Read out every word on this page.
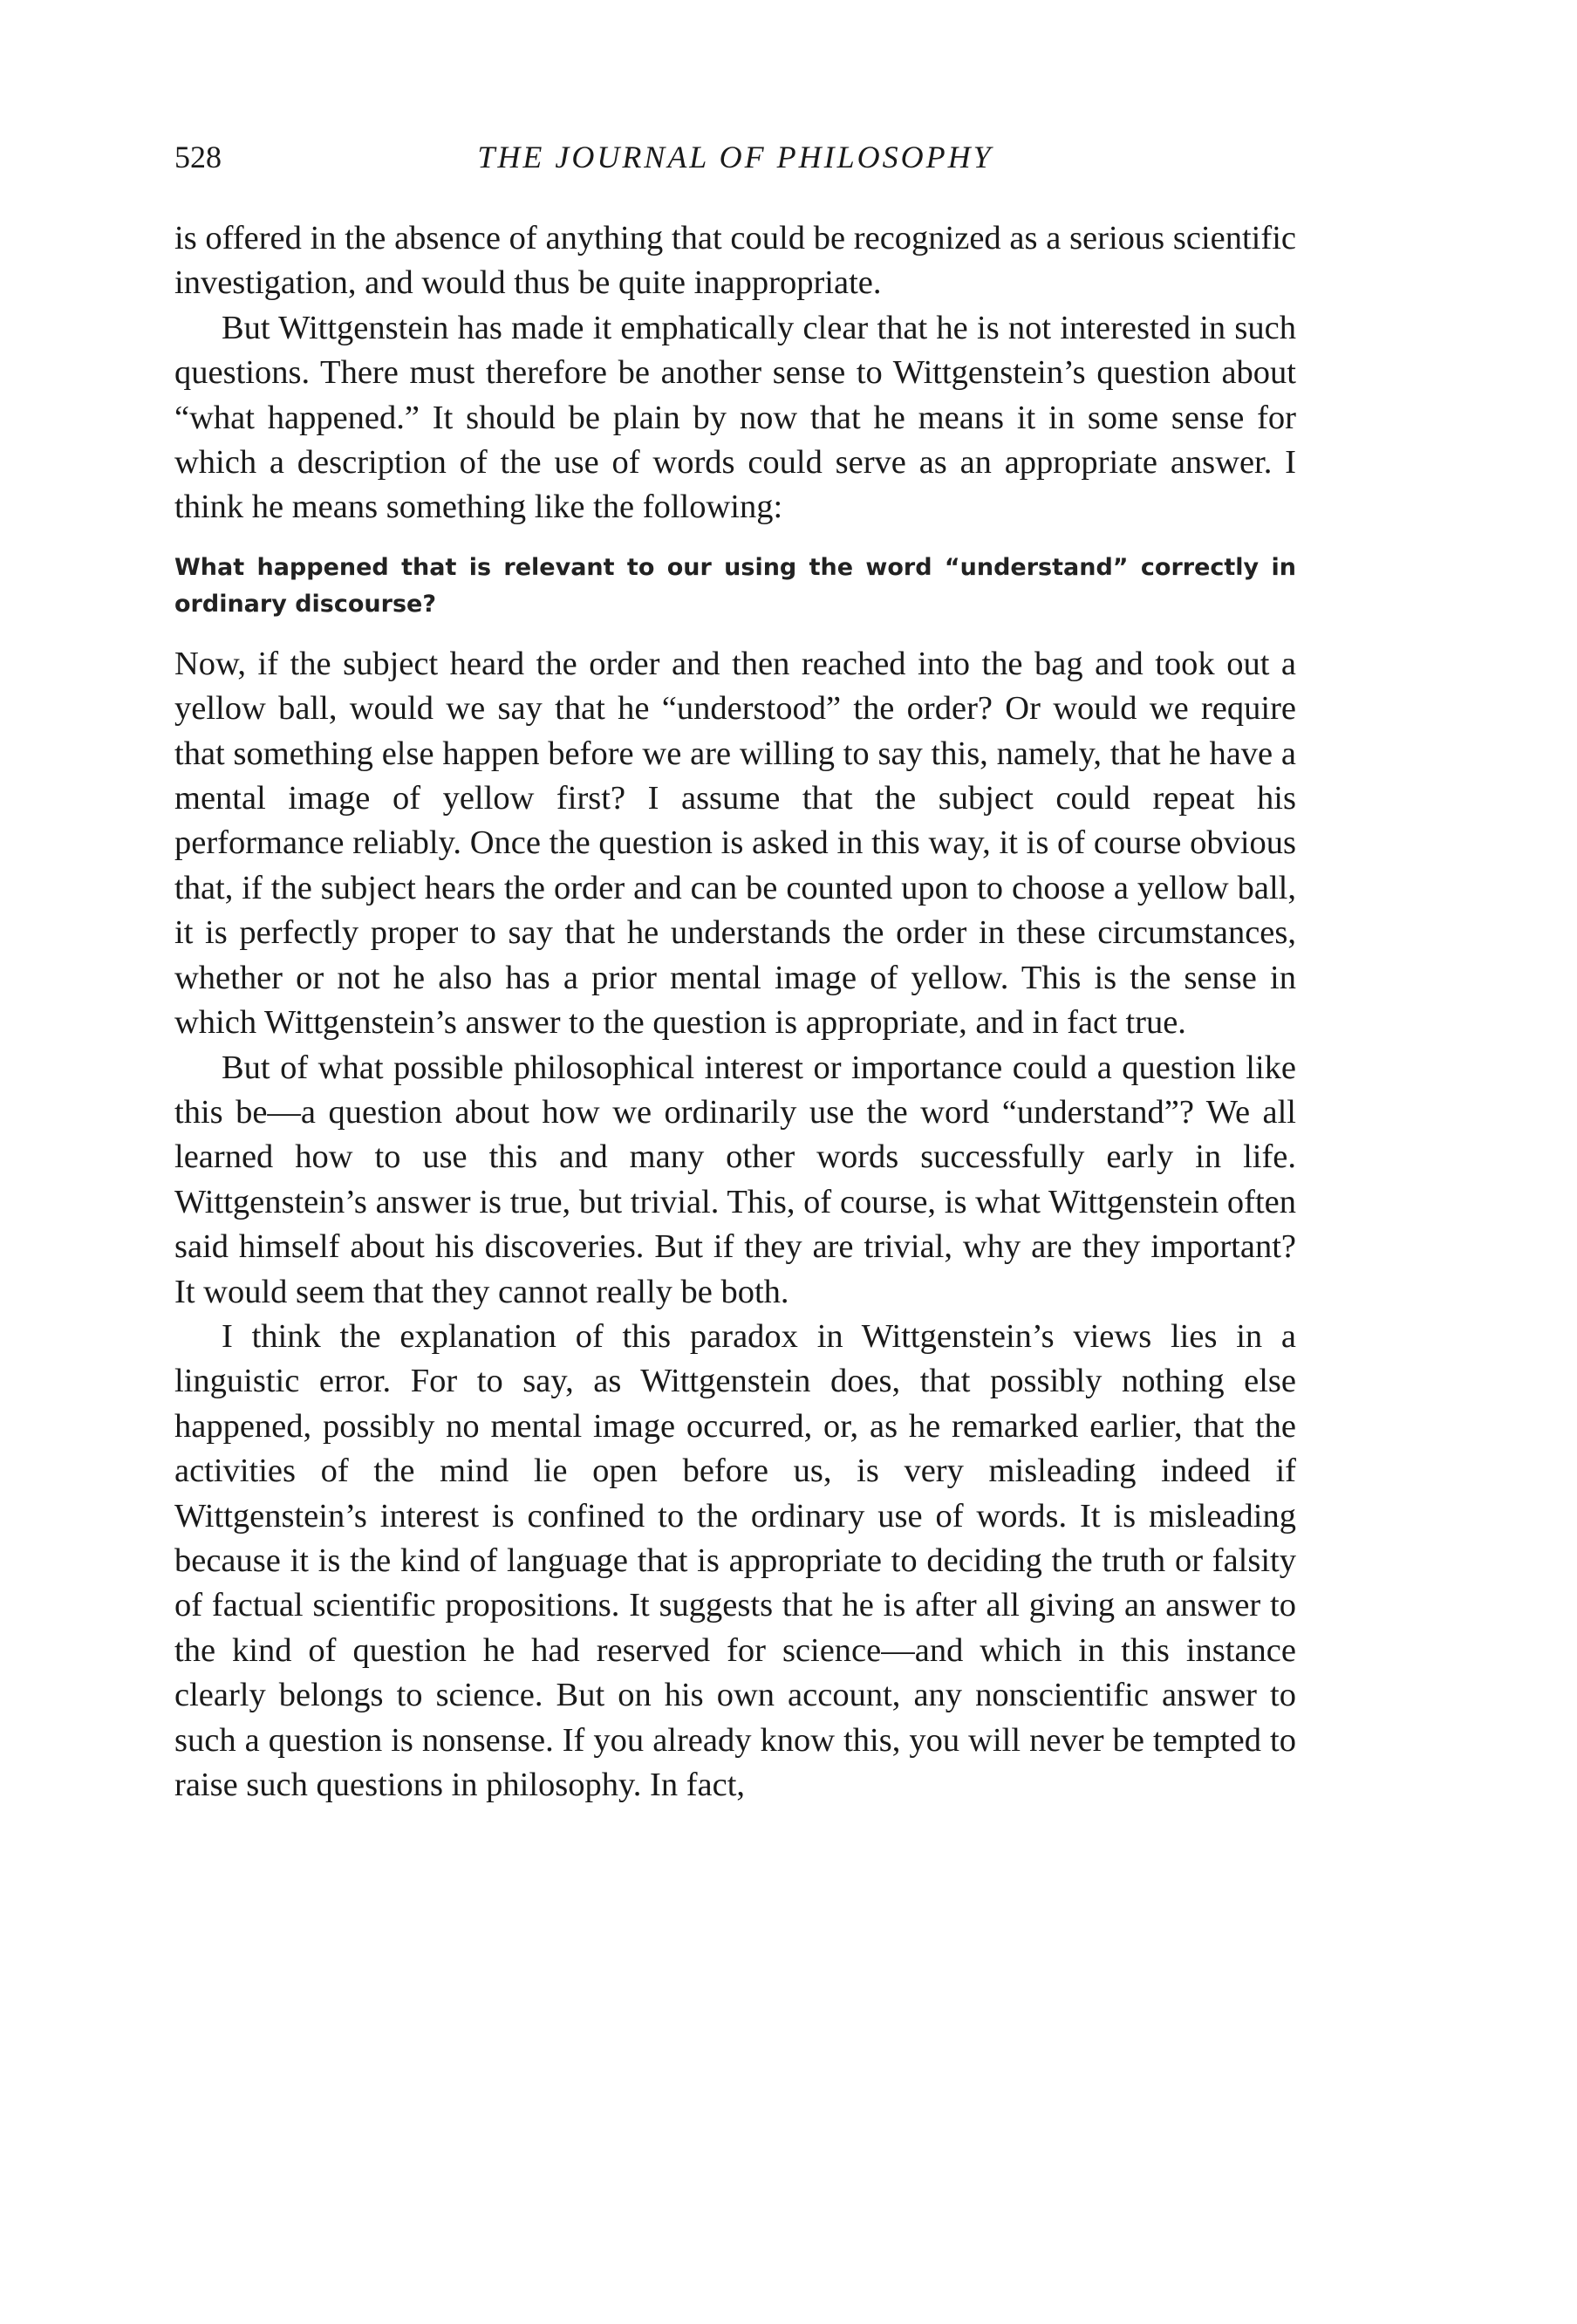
528	THE JOURNAL OF PHILOSOPHY

is offered in the absence of anything that could be recognized as a serious scientific investigation, and would thus be quite inappropriate.

But Wittgenstein has made it emphatically clear that he is not interested in such questions. There must therefore be another sense to Wittgenstein’s question about “what happened.” It should be plain by now that he means it in some sense for which a description of the use of words could serve as an appropriate answer. I think he means something like the following:

What happened that is relevant to our using the word “understand” correctly in ordinary discourse?

Now, if the subject heard the order and then reached into the bag and took out a yellow ball, would we say that he “understood” the order? Or would we require that something else happen before we are willing to say this, namely, that he have a mental image of yellow first? I assume that the subject could repeat his performance reliably. Once the question is asked in this way, it is of course obvious that, if the subject hears the order and can be counted upon to choose a yellow ball, it is perfectly proper to say that he understands the order in these circumstances, whether or not he also has a prior mental image of yellow. This is the sense in which Wittgenstein’s answer to the question is appropriate, and in fact true.

But of what possible philosophical interest or importance could a question like this be—a question about how we ordinarily use the word “understand”? We all learned how to use this and many other words successfully early in life. Wittgenstein’s answer is true, but trivial. This, of course, is what Wittgenstein often said himself about his discoveries. But if they are trivial, why are they important? It would seem that they cannot really be both.

I think the explanation of this paradox in Wittgenstein’s views lies in a linguistic error. For to say, as Wittgenstein does, that possibly nothing else happened, possibly no mental image occurred, or, as he remarked earlier, that the activities of the mind lie open before us, is very misleading indeed if Wittgenstein’s interest is confined to the ordinary use of words. It is misleading because it is the kind of language that is appropriate to deciding the truth or falsity of factual scientific propositions. It suggests that he is after all giving an answer to the kind of question he had reserved for science—and which in this instance clearly belongs to science. But on his own account, any nonscientific answer to such a question is nonsense. If you already know this, you will never be tempted to raise such questions in philosophy. In fact,
